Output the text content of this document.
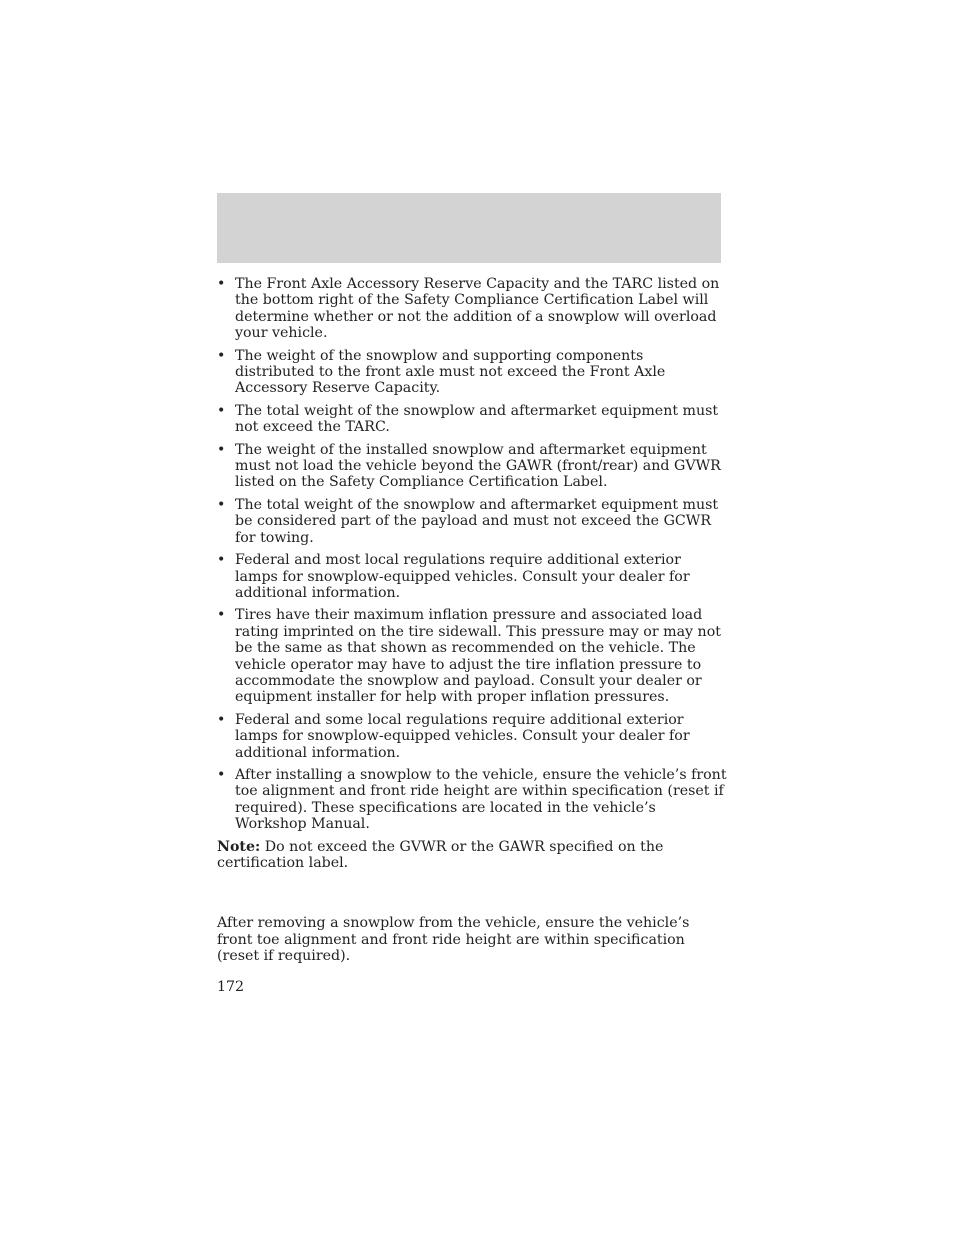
• The Front Axle Accessory Reserve Capacity and the TARC listed on the bottom right of the Safety Compliance Certification Label will determine whether or not the addition of a snowplow will overload your vehicle.
• The weight of the snowplow and supporting components distributed to the front axle must not exceed the Front Axle Accessory Reserve Capacity.
• The total weight of the snowplow and aftermarket equipment must not exceed the TARC.
• The weight of the installed snowplow and aftermarket equipment must not load the vehicle beyond the GAWR (front/rear) and GVWR listed on the Safety Compliance Certification Label.
• The total weight of the snowplow and aftermarket equipment must be considered part of the payload and must not exceed the GCWR for towing.
• Federal and most local regulations require additional exterior lamps for snowplow-equipped vehicles. Consult your dealer for additional information.
• Tires have their maximum inflation pressure and associated load rating imprinted on the tire sidewall. This pressure may or may not be the same as that shown as recommended on the vehicle. The vehicle operator may have to adjust the tire inflation pressure to accommodate the snowplow and payload. Consult your dealer or equipment installer for help with proper inflation pressures.
• Federal and some local regulations require additional exterior lamps for snowplow-equipped vehicles. Consult your dealer for additional information.
• After installing a snowplow to the vehicle, ensure the vehicle’s front toe alignment and front ride height are within specification (reset if required). These specifications are located in the vehicle’s Workshop Manual.

Note: Do not exceed the GVWR or the GAWR specified on the certification label.

After removing a snowplow from the vehicle, ensure the vehicle’s front toe alignment and front ride height are within specification (reset if required).

172
